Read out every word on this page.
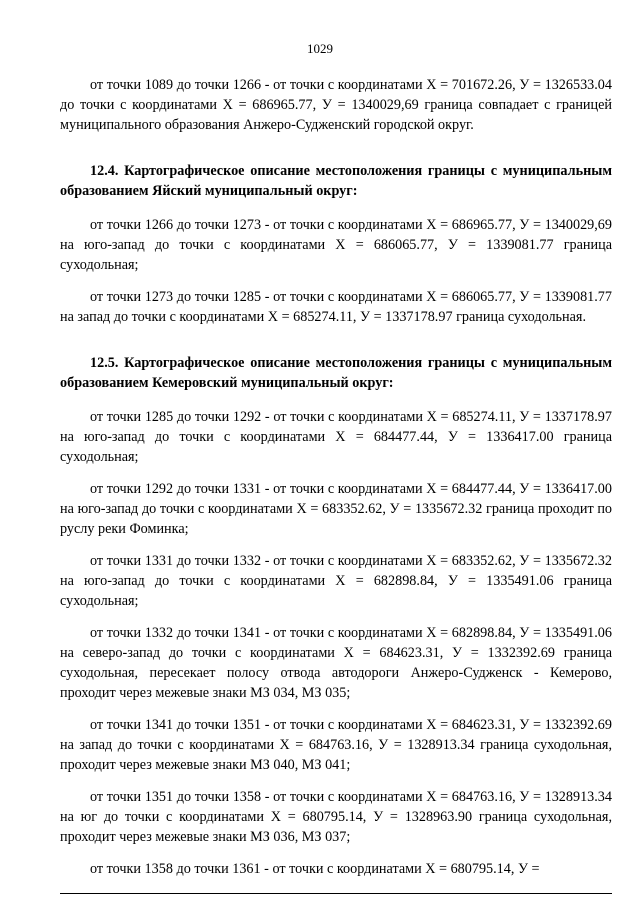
1029

от точки 1089 до точки 1266 - от точки с координатами Х = 701672.26, У = 1326533.04 до точки с координатами Х = 686965.77, У = 1340029,69 граница совпадает с границей муниципального образования Анжеро-Судженский городской округ.

12.4. Картографическое описание местоположения границы с муниципальным образованием Яйский муниципальный округ:

от точки 1266 до точки 1273 - от точки с координатами Х = 686965.77, У = 1340029,69 на юго-запад до точки с координатами Х = 686065.77, У = 1339081.77 граница суходольная;

от точки 1273 до точки 1285 - от точки с координатами Х = 686065.77, У = 1339081.77 на запад до точки с координатами Х = 685274.11, У = 1337178.97 граница суходольная.

12.5. Картографическое описание местоположения границы с муниципальным образованием Кемеровский муниципальный округ:

от точки 1285 до точки 1292 - от точки с координатами Х = 685274.11, У = 1337178.97 на юго-запад до точки с координатами Х = 684477.44, У = 1336417.00 граница суходольная;

от точки 1292 до точки 1331 - от точки с координатами Х = 684477.44, У = 1336417.00 на юго-запад до точки с координатами Х = 683352.62, У = 1335672.32 граница проходит по руслу реки Фоминка;

от точки 1331 до точки 1332 - от точки с координатами Х = 683352.62, У = 1335672.32 на юго-запад до точки с координатами Х = 682898.84, У = 1335491.06 граница суходольная;

от точки 1332 до точки 1341 - от точки с координатами Х = 682898.84, У = 1335491.06 на северо-запад до точки с координатами Х = 684623.31, У = 1332392.69 граница суходольная, пересекает полосу отвода автодороги Анжеро-Судженск - Кемерово, проходит через межевые знаки МЗ 034, МЗ 035;

от точки 1341 до точки 1351 - от точки с координатами Х = 684623.31, У = 1332392.69 на запад до точки с координатами Х = 684763.16, У = 1328913.34 граница суходольная, проходит через межевые знаки МЗ 040, МЗ 041;

от точки 1351 до точки 1358 - от точки с координатами Х = 684763.16, У = 1328913.34 на юг до точки с координатами Х = 680795.14, У = 1328963.90 граница суходольная, проходит через межевые знаки МЗ 036, МЗ 037;

от точки 1358 до точки 1361 - от точки с координатами Х = 680795.14, У =
